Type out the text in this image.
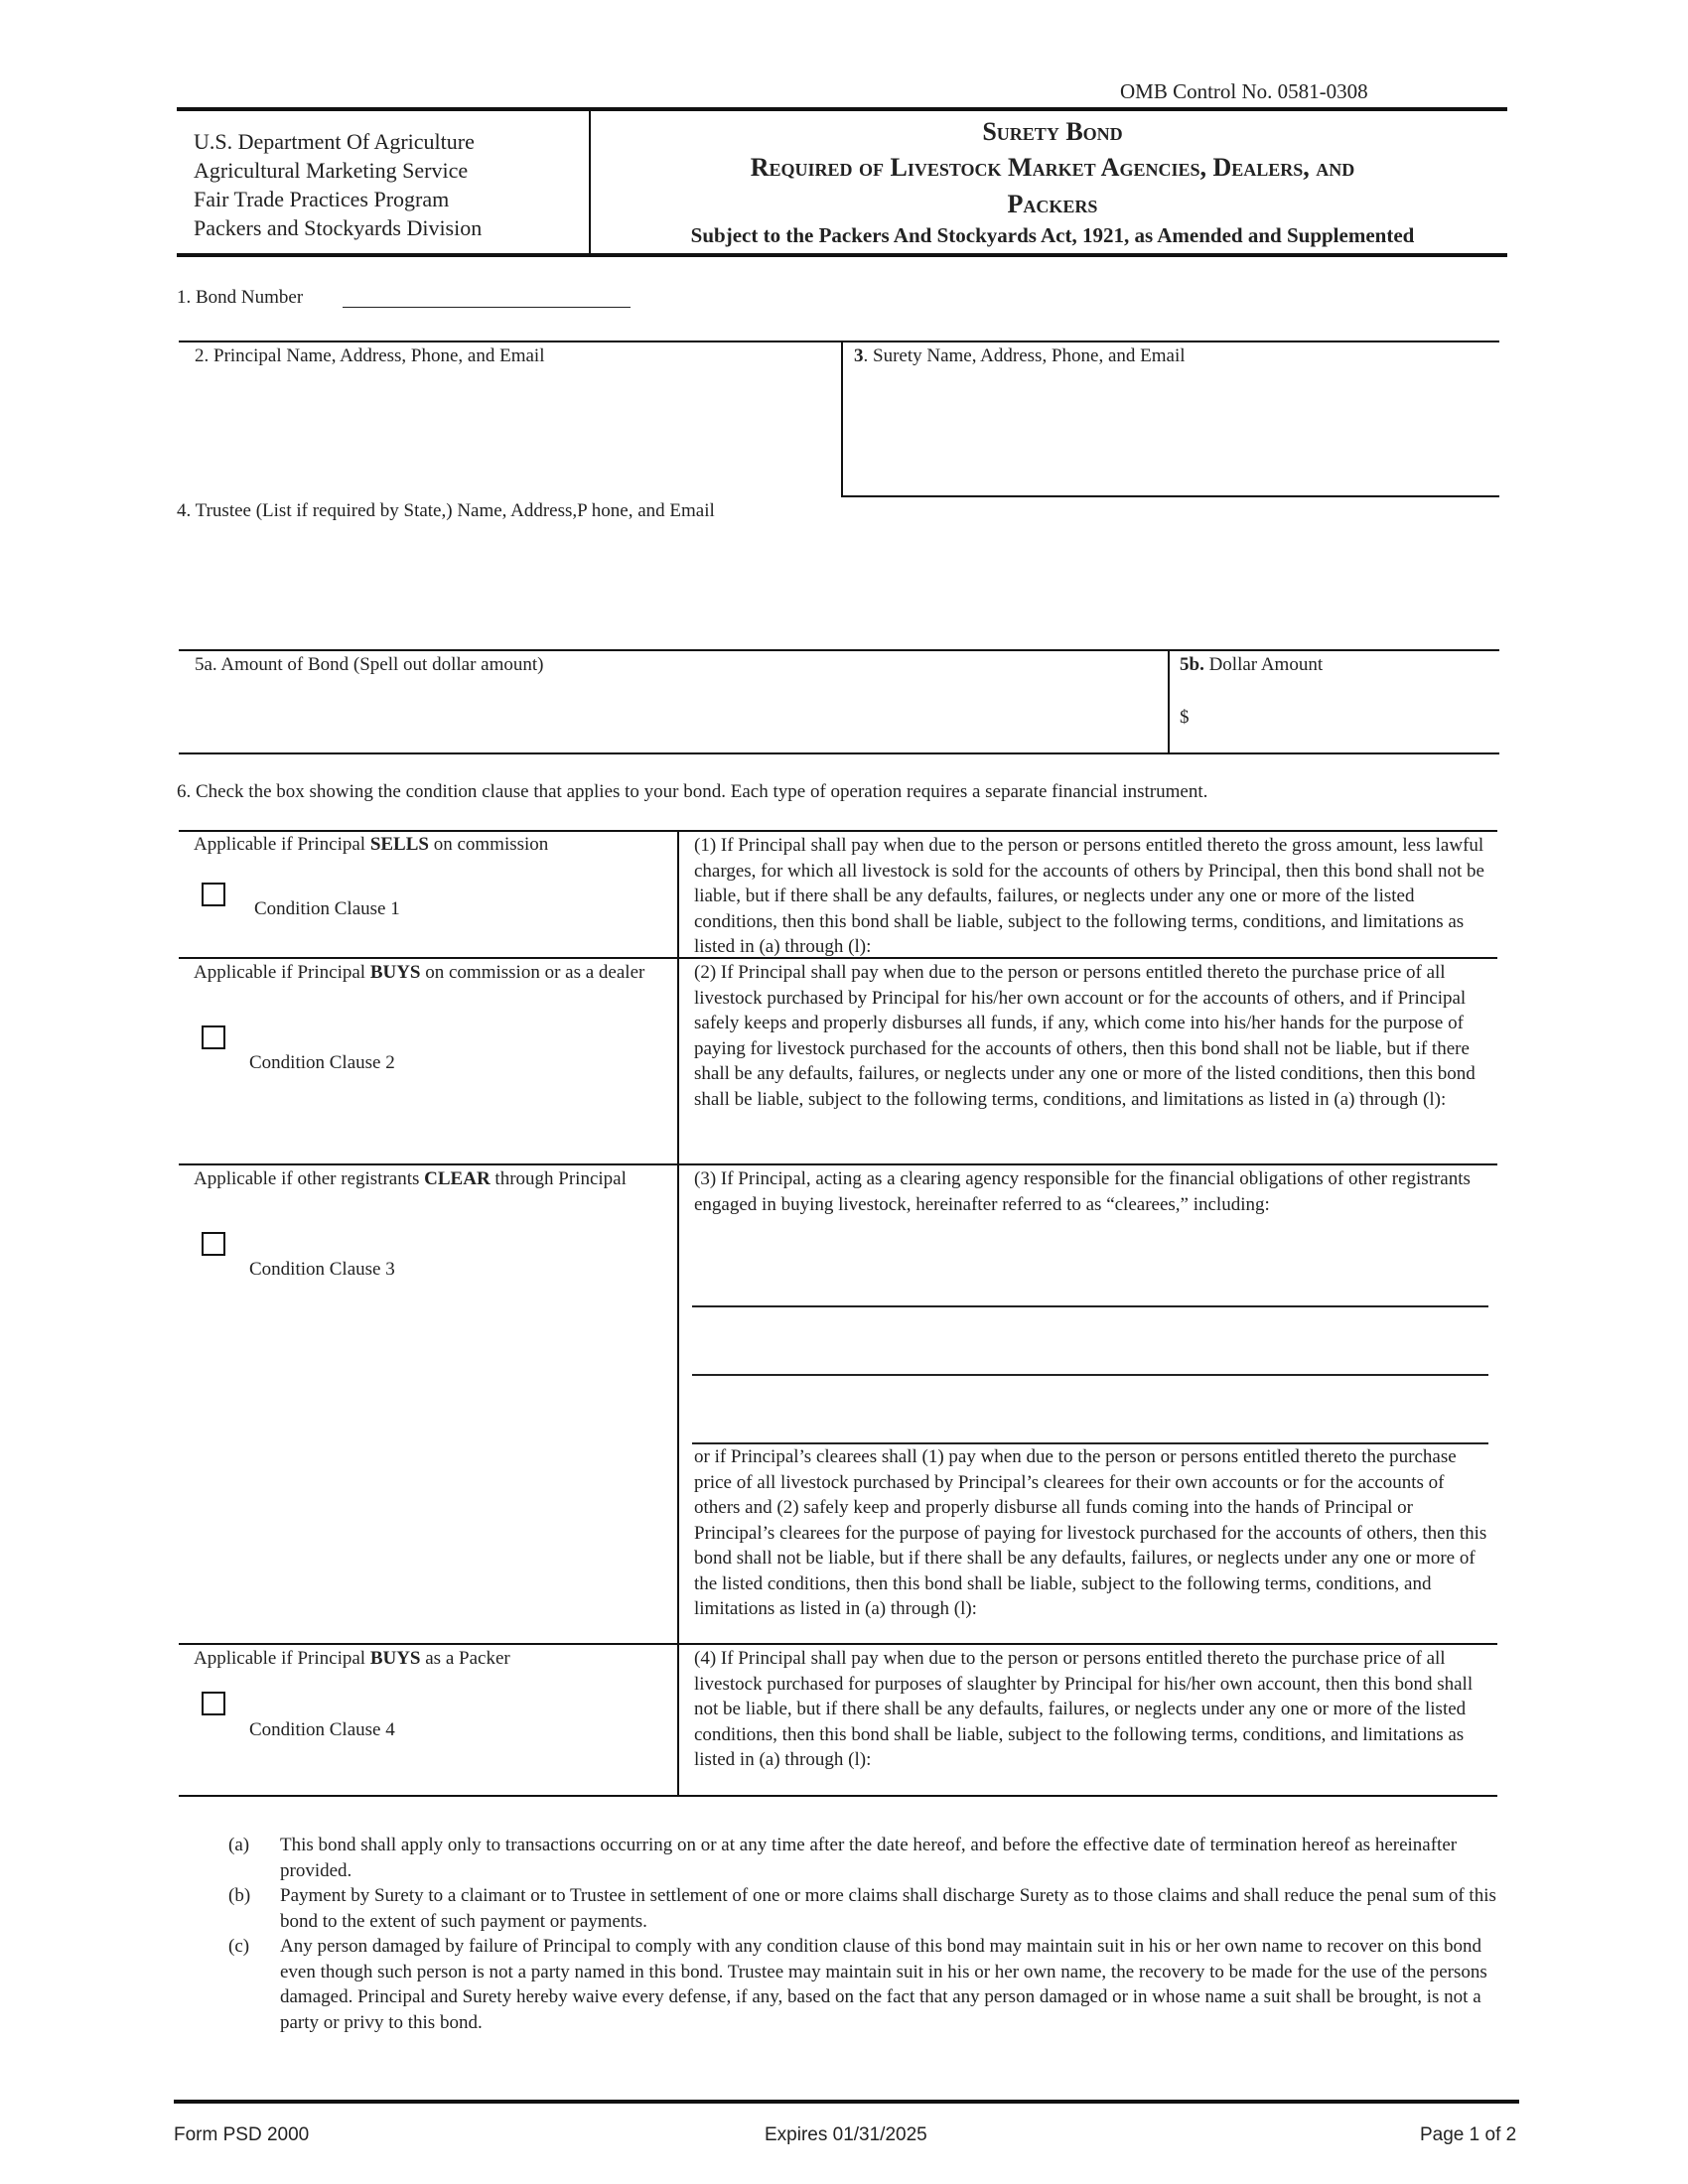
OMB Control No. 0581-0308
U.S. Department Of Agriculture
Agricultural Marketing Service
Fair Trade Practices Program
Packers and Stockyards Division
Surety Bond
Required of Livestock Market Agencies, Dealers, and
Packers
Subject to the Packers And Stockyards Act, 1921, as Amended and Supplemented
1. Bond Number
2. Principal Name, Address, Phone, and Email	3. Surety Name, Address, Phone, and Email
4. Trustee (List if required by State,) Name, Address,P hone, and Email
5a. Amount of Bond (Spell out dollar amount)	5b. Dollar Amount
$
6. Check the box showing the condition clause that applies to your bond. Each type of operation requires a separate financial instrument.
Applicable if Principal SELLS on commission
Condition Clause 1
(1) If Principal shall pay when due to the person or persons entitled thereto the gross amount, less lawful charges, for which all livestock is sold for the accounts of others by Principal, then this bond shall not be liable, but if there shall be any defaults, failures, or neglects under any one or more of the listed conditions, then this bond shall be liable, subject to the following terms, conditions, and limitations as listed in (a) through (l):
Applicable if Principal BUYS on commission or as a dealer
Condition Clause 2
(2) If Principal shall pay when due to the person or persons entitled thereto the purchase price of all livestock purchased by Principal for his/her own account or for the accounts of others, and if Principal safely keeps and properly disburses all funds, if any, which come into his/her hands for the purpose of paying for livestock purchased for the accounts of others, then this bond shall not be liable, but if there shall be any defaults, failures, or neglects under any one or more of the listed conditions, then this bond shall be liable, subject to the following terms, conditions, and limitations as listed in (a) through (l):
Applicable if other registrants CLEAR through Principal
Condition Clause 3
(3) If Principal, acting as a clearing agency responsible for the financial obligations of other registrants engaged in buying livestock, hereinafter referred to as “clearees,” including:
or if Principal’s clearees shall (1) pay when due to the person or persons entitled thereto the purchase price of all livestock purchased by Principal’s clearees for their own accounts or for the accounts of others and (2) safely keep and properly disburse all funds coming into the hands of Principal or Principal’s clearees for the purpose of paying for livestock purchased for the accounts of others, then this bond shall not be liable, but if there shall be any defaults, failures, or neglects under any one or more of the listed conditions, then this bond shall be liable, subject to the following terms, conditions, and limitations as listed in (a) through (l):
Applicable if Principal BUYS as a Packer
Condition Clause 4
(4) If Principal shall pay when due to the person or persons entitled thereto the purchase price of all livestock purchased for purposes of slaughter by Principal for his/her own account, then this bond shall not be liable, but if there shall be any defaults, failures, or neglects under any one or more of the listed conditions, then this bond shall be liable, subject to the following terms, conditions, and limitations as listed in (a) through (l):
(a) This bond shall apply only to transactions occurring on or at any time after the date hereof, and before the effective date of termination hereof as hereinafter provided.
(b) Payment by Surety to a claimant or to Trustee in settlement of one or more claims shall discharge Surety as to those claims and shall reduce the penal sum of this bond to the extent of such payment or payments.
(c) Any person damaged by failure of Principal to comply with any condition clause of this bond may maintain suit in his or her own name to recover on this bond even though such person is not a party named in this bond. Trustee may maintain suit in his or her own name, the recovery to be made for the use of the persons damaged. Principal and Surety hereby waive every defense, if any, based on the fact that any person damaged or in whose name a suit shall be brought, is not a party or privy to this bond.
Form PSD 2000	Expires 01/31/2025	Page 1 of 2
